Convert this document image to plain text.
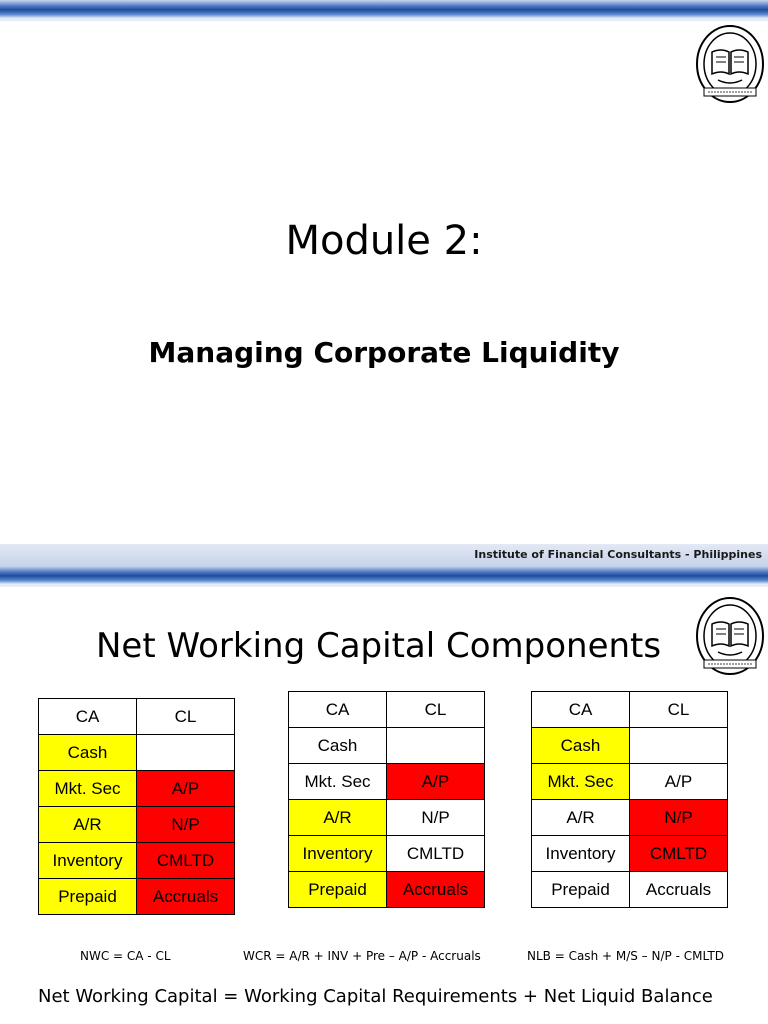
Module 2:
Managing Corporate Liquidity
Institute of Financial Consultants - Philippines
Net Working Capital Components
CA	CL
Cash	
Mkt. Sec	A/P
A/R	N/P
Inventory	CMLTD
Prepaid	Accruals
CA	CL
Cash	
Mkt. Sec	A/P
A/R	N/P
Inventory	CMLTD
Prepaid	Accruals
CA	CL
Cash	
Mkt. Sec	A/P
A/R	N/P
Inventory	CMLTD
Prepaid	Accruals
NWC = CA - CL	WCR = A/R + INV + Pre – A/P - Accruals	NLB = Cash + M/S – N/P - CMLTD
Net Working Capital = Working Capital Requirements + Net Liquid Balance
